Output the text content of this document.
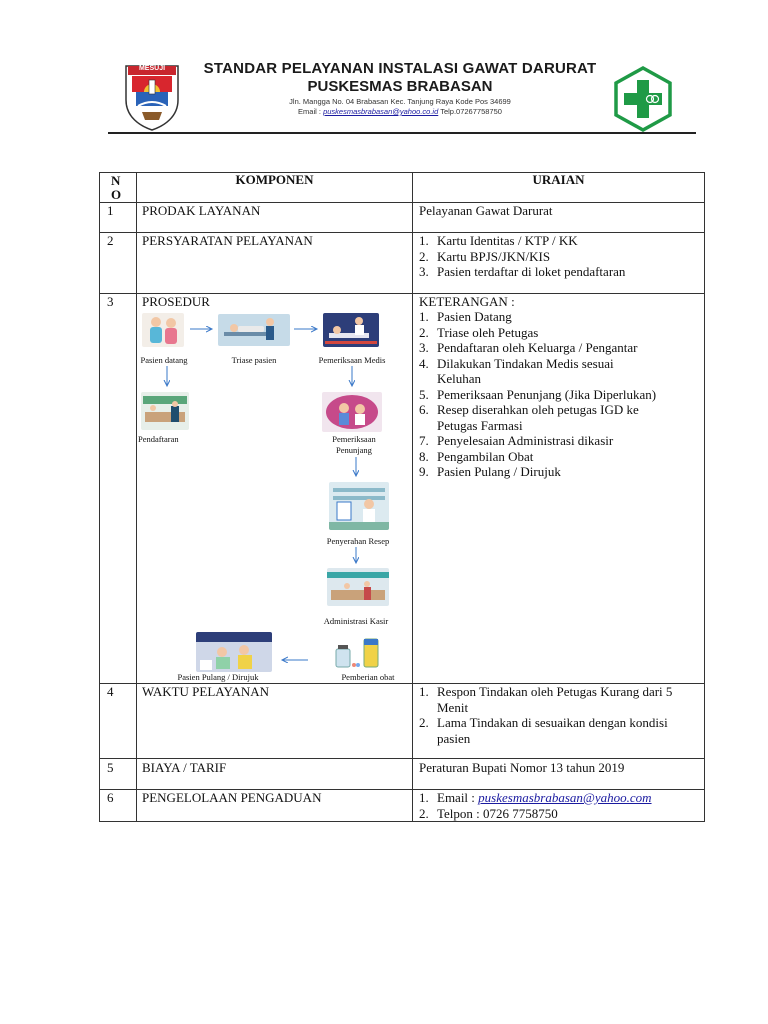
MESUJI	STANDAR PELAYANAN INSTALASI GAWAT DARURAT
PUSKESMAS BRABASAN
Jln. Mangga No. 04 Brabasan Kec. Tanjung Raya Kode Pos 34699
Email : puskesmasbrabasan@yahoo.co.id Telp.07267758750
N
O
KOMPONEN	URAIAN
1 PRODAK LAYANAN	Pelayanan Gawat Darurat
2 PERSYARATAN PELAYANAN	1. Kartu Identitas / KTP / KK
2. Kartu BPJS/JKN/KIS
3. Pasien terdaftar di loket pendaftaran
3 PROSEDUR	KETERANGAN :
1. Pasien Datang
2. Triase oleh Petugas
3. Pendaftaran oleh Keluarga / Pengantar
4. Dilakukan Tindakan Medis sesuai Keluhan
5. Pemeriksaan Penunjang (Jika Diperlukan)
6. Resep diserahkan oleh petugas IGD ke Petugas Farmasi
7. Penyelesaian Administrasi dikasir
8. Pengambilan Obat
9. Pasien Pulang / Dirujuk
4 WAKTU PELAYANAN	1. Respon Tindakan oleh Petugas Kurang dari 5 Menit
2. Lama Tindakan di sesuaikan dengan kondisi pasien
5 BIAYA / TARIF	Peraturan Bupati Nomor 13 tahun 2019
6 PENGELOLAAN PENGADUAN	1. Email : puskesmasbrabasan@yahoo.com
2. Telpon : 0726 7758750
Pasien datang	Triase pasien	Pemeriksaan Medis
Pendaftaran	Pemeriksaan
Penunjang
Penyerahan Resep
Administrasi Kasir
Pemberian obat
Pasien Pulang / Dirujuk
